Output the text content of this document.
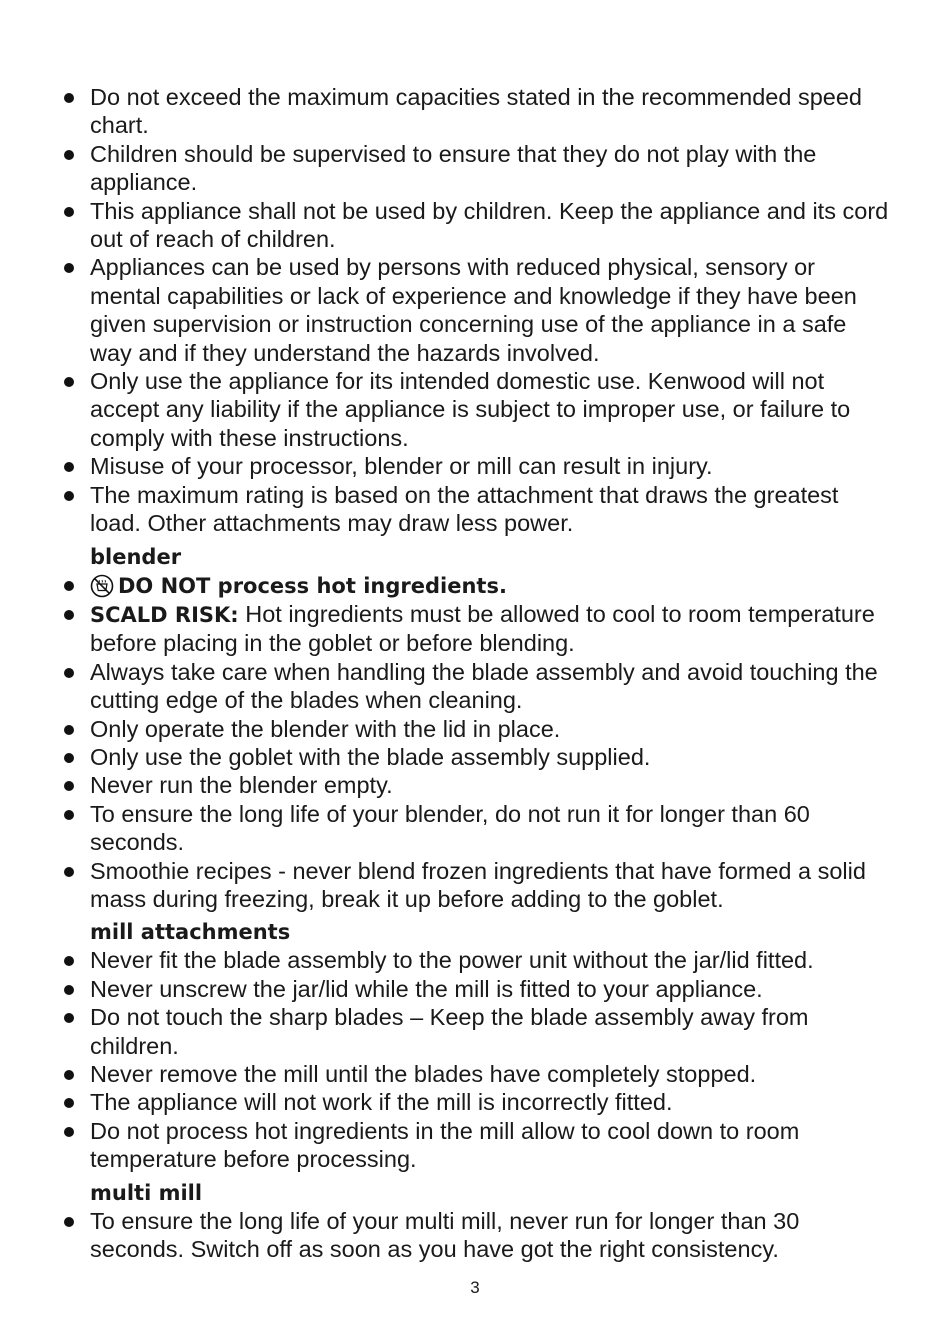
Do not exceed the maximum capacities stated in the recommended speed chart.
Children should be supervised to ensure that they do not play with the appliance.
This appliance shall not be used by children. Keep the appliance and its cord out of reach of children.
Appliances can be used by persons with reduced physical, sensory or mental capabilities or lack of experience and knowledge if they have been given supervision or instruction concerning use of the appliance in a safe way and if they understand the hazards involved.
Only use the appliance for its intended domestic use. Kenwood will not accept any liability if the appliance is subject to improper use, or failure to comply with these instructions.
Misuse of your processor, blender or mill can result in injury.
The maximum rating is based on the attachment that draws the greatest load. Other attachments may draw less power.
blender
DO NOT process hot ingredients.
SCALD RISK: Hot ingredients must be allowed to cool to room temperature before placing in the goblet or before blending.
Always take care when handling the blade assembly and avoid touching the cutting edge of the blades when cleaning.
Only operate the blender with the lid in place.
Only use the goblet with the blade assembly supplied.
Never run the blender empty.
To ensure the long life of your blender, do not run it for longer than 60 seconds.
Smoothie recipes - never blend frozen ingredients that have formed a solid mass during freezing, break it up before adding to the goblet.
mill attachments
Never fit the blade assembly to the power unit without the jar/lid fitted.
Never unscrew the jar/lid while the mill is fitted to your appliance.
Do not touch the sharp blades – Keep the blade assembly away from children.
Never remove the mill until the blades have completely stopped.
The appliance will not work if the mill is incorrectly fitted.
Do not process hot ingredients in the mill allow to cool down to room temperature before processing.
multi mill
To ensure the long life of your multi mill, never run for longer than 30 seconds. Switch off as soon as you have got the right consistency.
3
